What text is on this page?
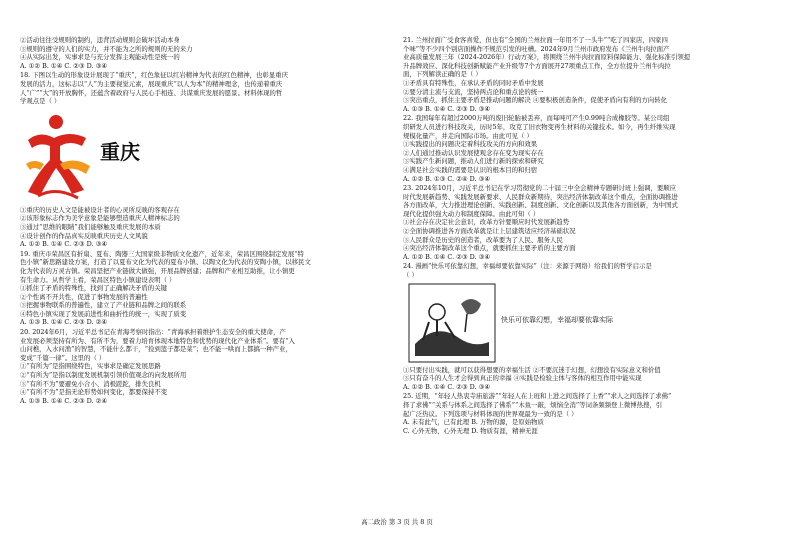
②活动往往受规则的制约，违背活动规则会破坏活动本身
③规则的遵守的人们的实力，并不能为之所的规则的无的来力
④从实际出发，实事求是与充分发挥主观能动性是统一的
A. ①② B. ①④ C. ②③ D. ③④
18. 下图以生动的形象设计展现了“重庆”，红色象征以红岩精神为代表的红色精神，也彰显重庆
发展的活力，这标志以“人”为主要视觉元素，展现重庆“以人为本”的精神理念，也传递着重庆
人“广”“大”的开放胸怀，还蕴含着政府与人民心手相连、共谋重庆发展的愿景。材料体现的哲
学观点是（ ）
重庆
①重庆的历史人文是能被设计者的心灵所反映的客观存在
②该形象标志作为美学意象是能够塑造重庆人精神标志的
③通过“思维的眼睛”我们能够触及重庆发展的本质
④设计创作的作品真实反映重庆历史人文风貌
A. ①② B. ①④ C. ②③ D. ③④
19. 重庆市荣昌区有折扇、夏布、陶器三大国家级非物质文化遗产，近年来，荣昌区围绕制定发展“特
色小镇”新思路建设方案，打造了以夏布文化为代表的夏布小镇、以陶文化为代表的安陶小镇，以移民文
化为代表的万灵古镇。荣昌坚把产业链做大做强，开展品牌创建；品牌和产业相互助推，让小镇更
有生命力。从哲学上看，荣昌区特色小镇建设表明（ ）
①抓住了矛盾的特殊性，找到了正确解决矛盾的关键
②个性离不开共性，促进了事物发展的普遍性
③把握事物联系的普遍性，建立了产业链和品牌之间的联系
④特色小镇实现了发展前进性和曲折性的统一，实现了质变
A. ①③ B. ①④ C. ②③ D. ②④
20. 2024年6月，习近平总书记在青海考察时指出：“青海承担着维护生态安全的重大使命，产
业发展必须坚持有所为、有所不为，要着力培育体现本地特色和优势的现代化产业体系”。要有“入
山问樵，入水问渔”的智慧，不能什么都干，“捡到篮子都是菜”；也不能一哄而上都搞一种产业，
变成“千篇一律”。这里的（ ）
①“有所为”是指围绕特色，实事求是确定发展思路
②“有所为”是指以制度发展机制引领价值观念的向发展所用
③“有所不为”要避免小合小、消极蹉跎，排失良机
④“有所不为”是指无论形势如何变化，都要保持不变
A. ①③ B. ①④ C. ②③ D. ②④
21. 兰州拉面广受食客喜爱，但也有“全国的兰州拉面一年用不了一头牛”“吃了四家店，四家四
个味”等不少四个别店面操作不规范引发的吐槽。2024年9月兰州市政府发布《兰州牛肉拉面产
业高质量发展三年（2024-2026年）行动方案》，将围绕兰州牛肉拉面原料保障能力、强化标准引领提
升品牌效应、深化科技创新赋能产业升级等7个方面展开27项重点工作，全方位提升兰州牛肉拉
面，下列解读正确的是（ ）
①矛盾具有特殊性，在承认矛盾的同时矛盾中发展
②要分清主流与支流，坚持两点论和重点论的统一
③突出重点，抓住主要矛盾是推动问题的解决 ④要积极创造条件，促使矛盾向有利的方向转化
A. ①③ B. ①④ C. ②③ D. ③④
22. 我国每年有超过2000万吨的废旧轮胎被丢弃，而每吨可产生0.99吨合成橡胶等。某公司组
织研发人员进行科技攻关，历时5年，攻克了旧衣物变再生材料的关键技术。如今，再生纤维实现
规模化量产，并走向国际市场。由此可见（ ）
①实践提出的问题决定着科技攻关的方向和效果
②人们通过推动认识发展使观念存在变为现实存在
③实践产生新问题，推动人们进行新的探索和研究
④满足社会实践的需要是认识的根本目的和归宿
A. ①② B. ①③ C. ②④ D. ③④
23. 2024年10月，习近平总书记在学习贯彻党的二十届三中全会精神专题研讨班上强调，要顺应
时代发展新趋势、实践发展新要求、人民群众新期待，突出经济体制改革这个重点，全面协调推进
各方面改革，大力推进理论创新、实践创新、制度创新、文化创新以及其他各方面创新，为中国式
现代化提供强大动力和制度保障。由此可知（ ）
①社会存在决定社会意识，改革方针要顺应时代发展新趋势
②全面协调推进各方面改革就是让上层建筑适应经济基础状况
③人民群众是历史的创造者，改革要为了人民、服务人民
④突出经济体制改革这个重点，就要抓住主要矛盾的主要方面
A. ①② B. ①④ C. ②③ D. ③④
24. 漫画“快乐可依靠幻想，幸福却要依靠实际”（注：来源于网络）给我们的哲学启示是
（ ）
快乐可依靠幻想，幸福却要依靠实际
①只要付出实践，就可以获得想要的幸福生活 ②不要沉迷于幻想，幻想没有实际意义和价值
③只有奋斗的人生才会得到真正的幸福 ④实践是检验主体与客体的相互作用中能实现
A. ①② B. ①④ C. ②③ D. ③④
25. 近期，“年轻人热衷寺庙旅游”“年轻人在上班和上进之间选择了上香”“求人之间选择了求佛”
择了求佛”“关系与体系之间选择了佛系”“木鱼一敲，烦恼全消”等词条频频登上微博热搜，引
起广泛热议。下列选项与材料体现的世界观最为一致的是（ ）
A. 未有此气，已有此理 B. 万物的源，是原始物质
C. 心外无物，心外无理 D. 物质有涯，精神无涯
高二政治 第 3 页 共 8 页
